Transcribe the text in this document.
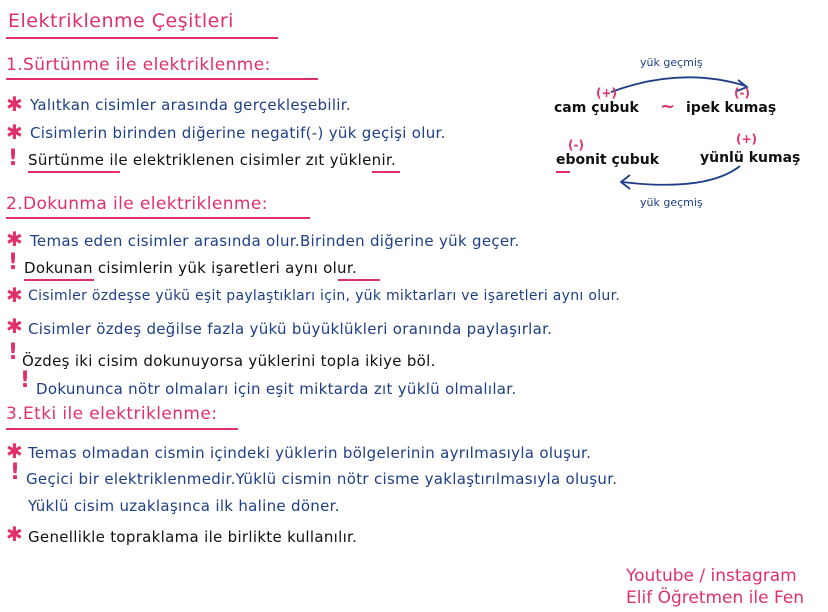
Elektriklenme Çeşitleri
1.Sürtünme ile elektriklenme:
✱ Yalıtkan cisimler arasında gerçekleşebilir.
✱ Cisimlerin birinden diğerine negatif(-) yük geçişi olur.
! Sürtünme ile elektriklenen cisimler zıt yüklenir.
yük geçmiş
(+)	(-)
cam çubuk ~ ipek kumaş
(-)	(+)
ebonit çubuk	yünlü kumaş
yük geçmiş
2.Dokunma ile elektriklenme:
✱ Temas eden cisimler arasında olur.Birinden diğerine yük geçer.
! Dokunan cisimlerin yük işaretleri aynı olur.
✱ Cisimler özdeşse yükü eşit paylaştıkları için, yük miktarları ve işaretleri aynı olur.
✱ Cisimler özdeş değilse fazla yükü büyüklükleri oranında paylaşırlar.
! Özdeş iki cisim dokunuyorsa yüklerini topla ikiye böl.
! Dokununca nötr olmaları için eşit miktarda zıt yüklü olmalılar.
3.Etki ile elektriklenme:
✱ Temas olmadan cismin içindeki yüklerin bölgelerinin ayrılmasıyla oluşur.
! Geçici bir elektriklenmedir.Yüklü cismin nötr cisme yaklaştırılmasıyla oluşur.
Yüklü cisim uzaklaşınca ilk haline döner.
✱ Genellikle topraklama ile birlikte kullanılır.
Youtube / instagram
Elif Öğretmen ile Fen
